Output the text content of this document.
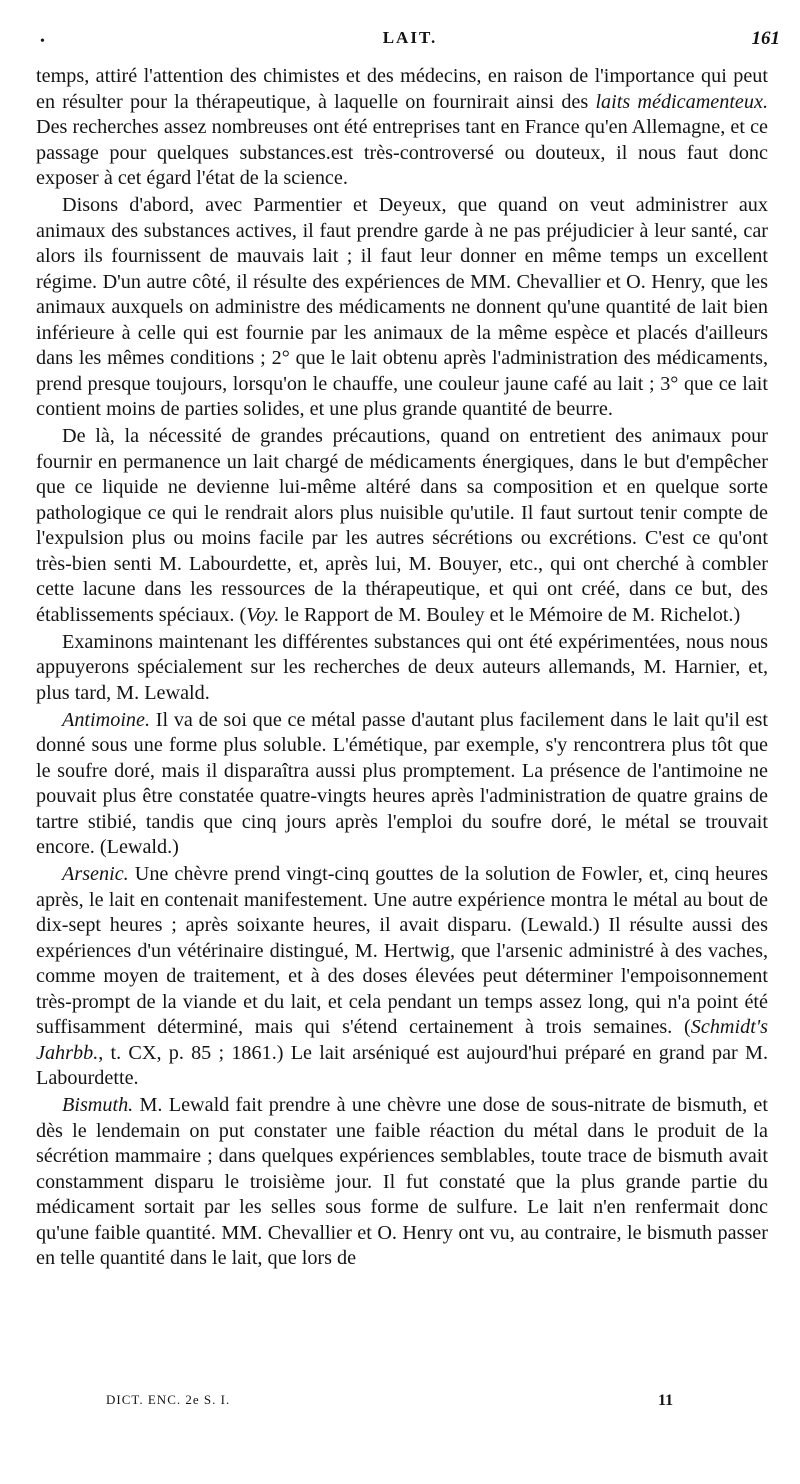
•	LAIT.	161

temps, attiré l'attention des chimistes et des médecins, en raison de l'importance qui peut en résulter pour la thérapeutique, à laquelle on fournirait ainsi des laits médicamenteux. Des recherches assez nombreuses ont été entreprises tant en France qu'en Allemagne, et ce passage pour quelques substances.est très-controversé ou douteux, il nous faut donc exposer à cet égard l'état de la science.

Disons d'abord, avec Parmentier et Deyeux, que quand on veut administrer aux animaux des substances actives, il faut prendre garde à ne pas préjudicier à leur santé, car alors ils fournissent de mauvais lait ; il faut leur donner en même temps un excellent régime. D'un autre côté, il résulte des expériences de MM. Chevallier et O. Henry, que les animaux auxquels on administre des médicaments ne donnent qu'une quantité de lait bien inférieure à celle qui est fournie par les animaux de la même espèce et placés d'ailleurs dans les mêmes conditions ; 2° que le lait obtenu après l'administration des médicaments, prend presque toujours, lorsqu'on le chauffe, une couleur jaune café au lait ; 3° que ce lait contient moins de parties solides, et une plus grande quantité de beurre.

De là, la nécessité de grandes précautions, quand on entretient des animaux pour fournir en permanence un lait chargé de médicaments énergiques, dans le but d'empêcher que ce liquide ne devienne lui-même altéré dans sa composition et en quelque sorte pathologique ce qui le rendrait alors plus nuisible qu'utile. Il faut surtout tenir compte de l'expulsion plus ou moins facile par les autres sécrétions ou excrétions. C'est ce qu'ont très-bien senti M. Labourdette, et, après lui, M. Bouyer, etc., qui ont cherché à combler cette lacune dans les ressources de la thérapeutique, et qui ont créé, dans ce but, des établissements spéciaux. (Voy. le Rapport de M. Bouley et le Mémoire de M. Richelot.)

Examinons maintenant les différentes substances qui ont été expérimentées, nous nous appuyerons spécialement sur les recherches de deux auteurs allemands, M. Harnier, et, plus tard, M. Lewald.

Antimoine. Il va de soi que ce métal passe d'autant plus facilement dans le lait qu'il est donné sous une forme plus soluble. L'émétique, par exemple, s'y rencontrera plus tôt que le soufre doré, mais il disparaîtra aussi plus promptement. La présence de l'antimoine ne pouvait plus être constatée quatre-vingts heures après l'administration de quatre grains de tartre stibié, tandis que cinq jours après l'emploi du soufre doré, le métal se trouvait encore. (Lewald.)

Arsenic. Une chèvre prend vingt-cinq gouttes de la solution de Fowler, et, cinq heures après, le lait en contenait manifestement. Une autre expérience montra le métal au bout de dix-sept heures ; après soixante heures, il avait disparu. (Lewald.) Il résulte aussi des expériences d'un vétérinaire distingué, M. Hertwig, que l'arsenic administré à des vaches, comme moyen de traitement, et à des doses élevées peut déterminer l'empoisonnement très-prompt de la viande et du lait, et cela pendant un temps assez long, qui n'a point été suffisamment déterminé, mais qui s'étend certainement à trois semaines. (Schmidt's Jahrbb., t. CX, p. 85 ; 1861.) Le lait arséniqué est aujourd'hui préparé en grand par M. Labourdette.

Bismuth. M. Lewald fait prendre à une chèvre une dose de sous-nitrate de bismuth, et dès le lendemain on put constater une faible réaction du métal dans le produit de la sécrétion mammaire ; dans quelques expériences semblables, toute trace de bismuth avait constamment disparu le troisième jour. Il fut constaté que la plus grande partie du médicament sortait par les selles sous forme de sulfure. Le lait n'en renfermait donc qu'une faible quantité. MM. Chevallier et O. Henry ont vu, au contraire, le bismuth passer en telle quantité dans le lait, que lors de

DICT. ENC. 2e S. I.	11
